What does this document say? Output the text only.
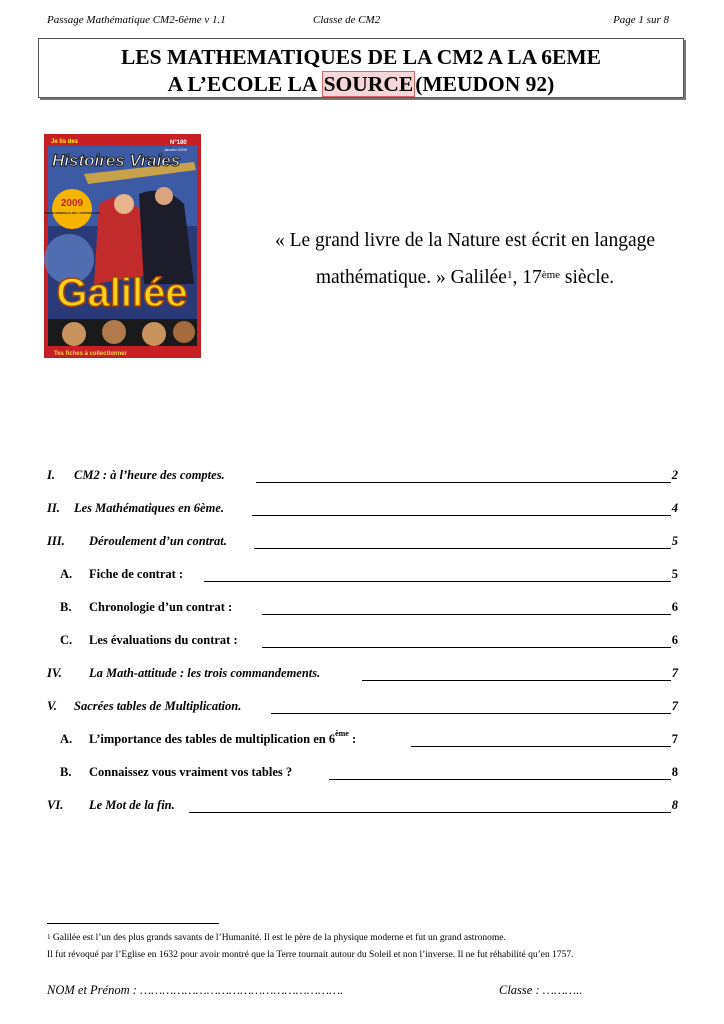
Passage Mathématique CM2-6ème v 1.1	Classe de CM2	Page 1 sur 8
LES MATHEMATIQUES DE LA CM2 A LA 6EME
A L’ECOLE LA SOURCE(MEUDON 92)
Je lis des	N°180
Janvier 2009
Histoires Vraies
2009
ANNÉE MONDIALE DE L'ASTRONOMIE
Galilée
Tes fiches à collectionner
« Le grand livre de la Nature est écrit en langage
mathématique. » Galilée$^1$, 17ème siècle.
I. CM2 : à l’heure des comptes.	2
II. Les Mathématiques en 6ème.	4
III. Déroulement d’un contrat.	5
A. Fiche de contrat :	5
B. Chronologie d’un contrat :	6
C. Les évaluations du contrat :	6
IV. La Math-attitude : les trois commandements.	7
V. Sacrées tables de Multiplication.	7
A. L’importance des tables de multiplication en 6ème :	7
B. Connaissez vous vraiment vos tables ?	8
VI. Le Mot de la fin.	8
$^1$ Galilée est l’un des plus grands savants de l’Humanité. Il est le père de la physique moderne et fut un grand astronome.
Il fut révoqué par l’Eglise en 1632 pour avoir montré que la Terre tournait autour du Soleil et non l’inverse. Il ne fut réhabilité qu’en 1757.
NOM et Prénom : ……………………………………………….	Classe : ………..
